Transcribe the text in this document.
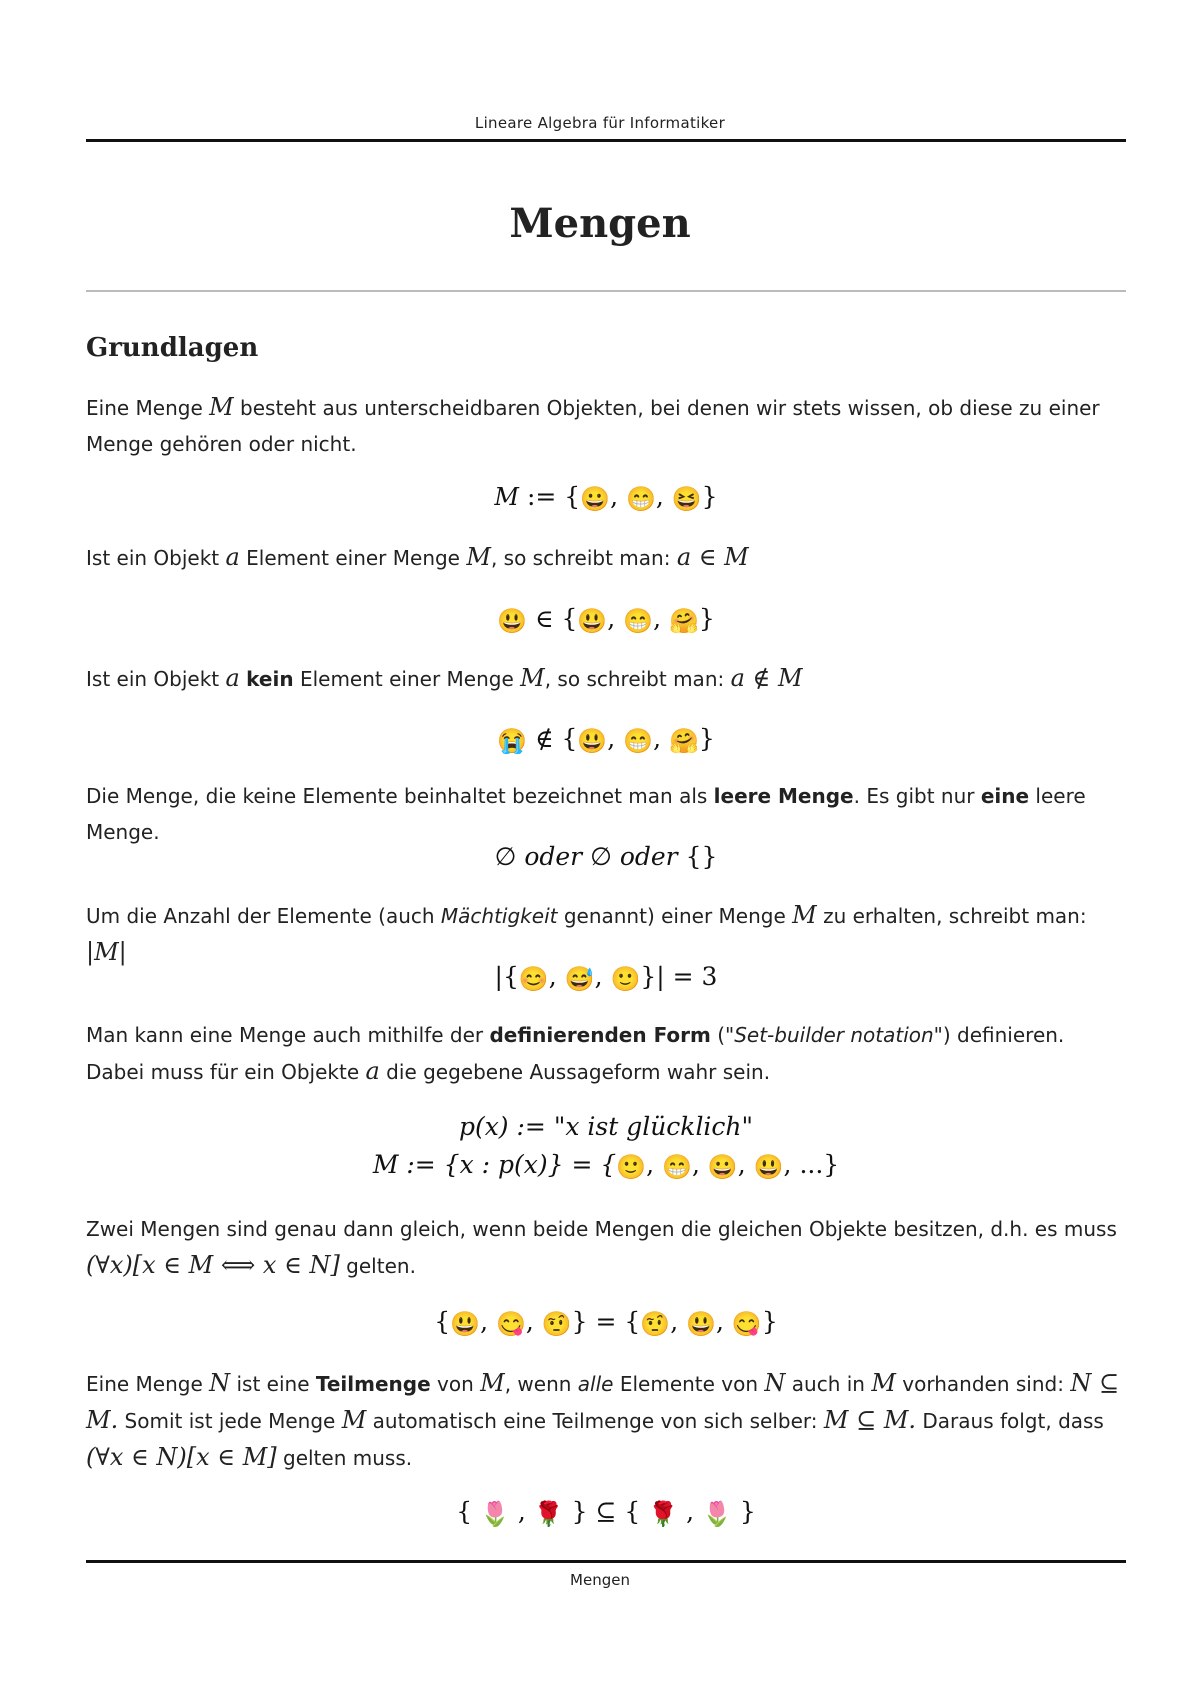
Lineare Algebra für Informatiker
Mengen
Grundlagen
Eine Menge M besteht aus unterscheidbaren Objekten, bei denen wir stets wissen, ob diese zu einer Menge gehören oder nicht.
M := {😀, 😁, 😆}
Ist ein Objekt a Element einer Menge M, so schreibt man: a ∈ M
😃 ∈ {😃, 😁, 🤗}
Ist ein Objekt a kein Element einer Menge M, so schreibt man: a ∉ M
😭 ∉ {😃, 😁, 🤗}
Die Menge, die keine Elemente beinhaltet bezeichnet man als leere Menge. Es gibt nur eine leere Menge.
∅ oder ∅ oder {}
Um die Anzahl der Elemente (auch Mächtigkeit genannt) einer Menge M zu erhalten, schreibt man: |M|
|{😊, 😅, 🙂}| = 3
Man kann eine Menge auch mithilfe der definierenden Form ("Set-builder notation") definieren. Dabei muss für ein Objekte a die gegebene Aussageform wahr sein.
p(x) := "x ist glücklich"
M := {x : p(x)} = {🙂, 😁, 😀, 😃, ...}
Zwei Mengen sind genau dann gleich, wenn beide Mengen die gleichen Objekte besitzen, d.h. es muss (∀x)[x ∈ M ⟺ x ∈ N] gelten.
{😃, 😋, 🤨} = {🤨, 😃, 😋}
Eine Menge N ist eine Teilmenge von M, wenn alle Elemente von N auch in M vorhanden sind: N ⊆ M. Somit ist jede Menge M automatisch eine Teilmenge von sich selber: M ⊆ M. Daraus folgt, dass (∀x ∈ N)[x ∈ M] gelten muss.
{ 🌷 , 🌹 } ⊆ { 🌹 , 🌷 }
Mengen
